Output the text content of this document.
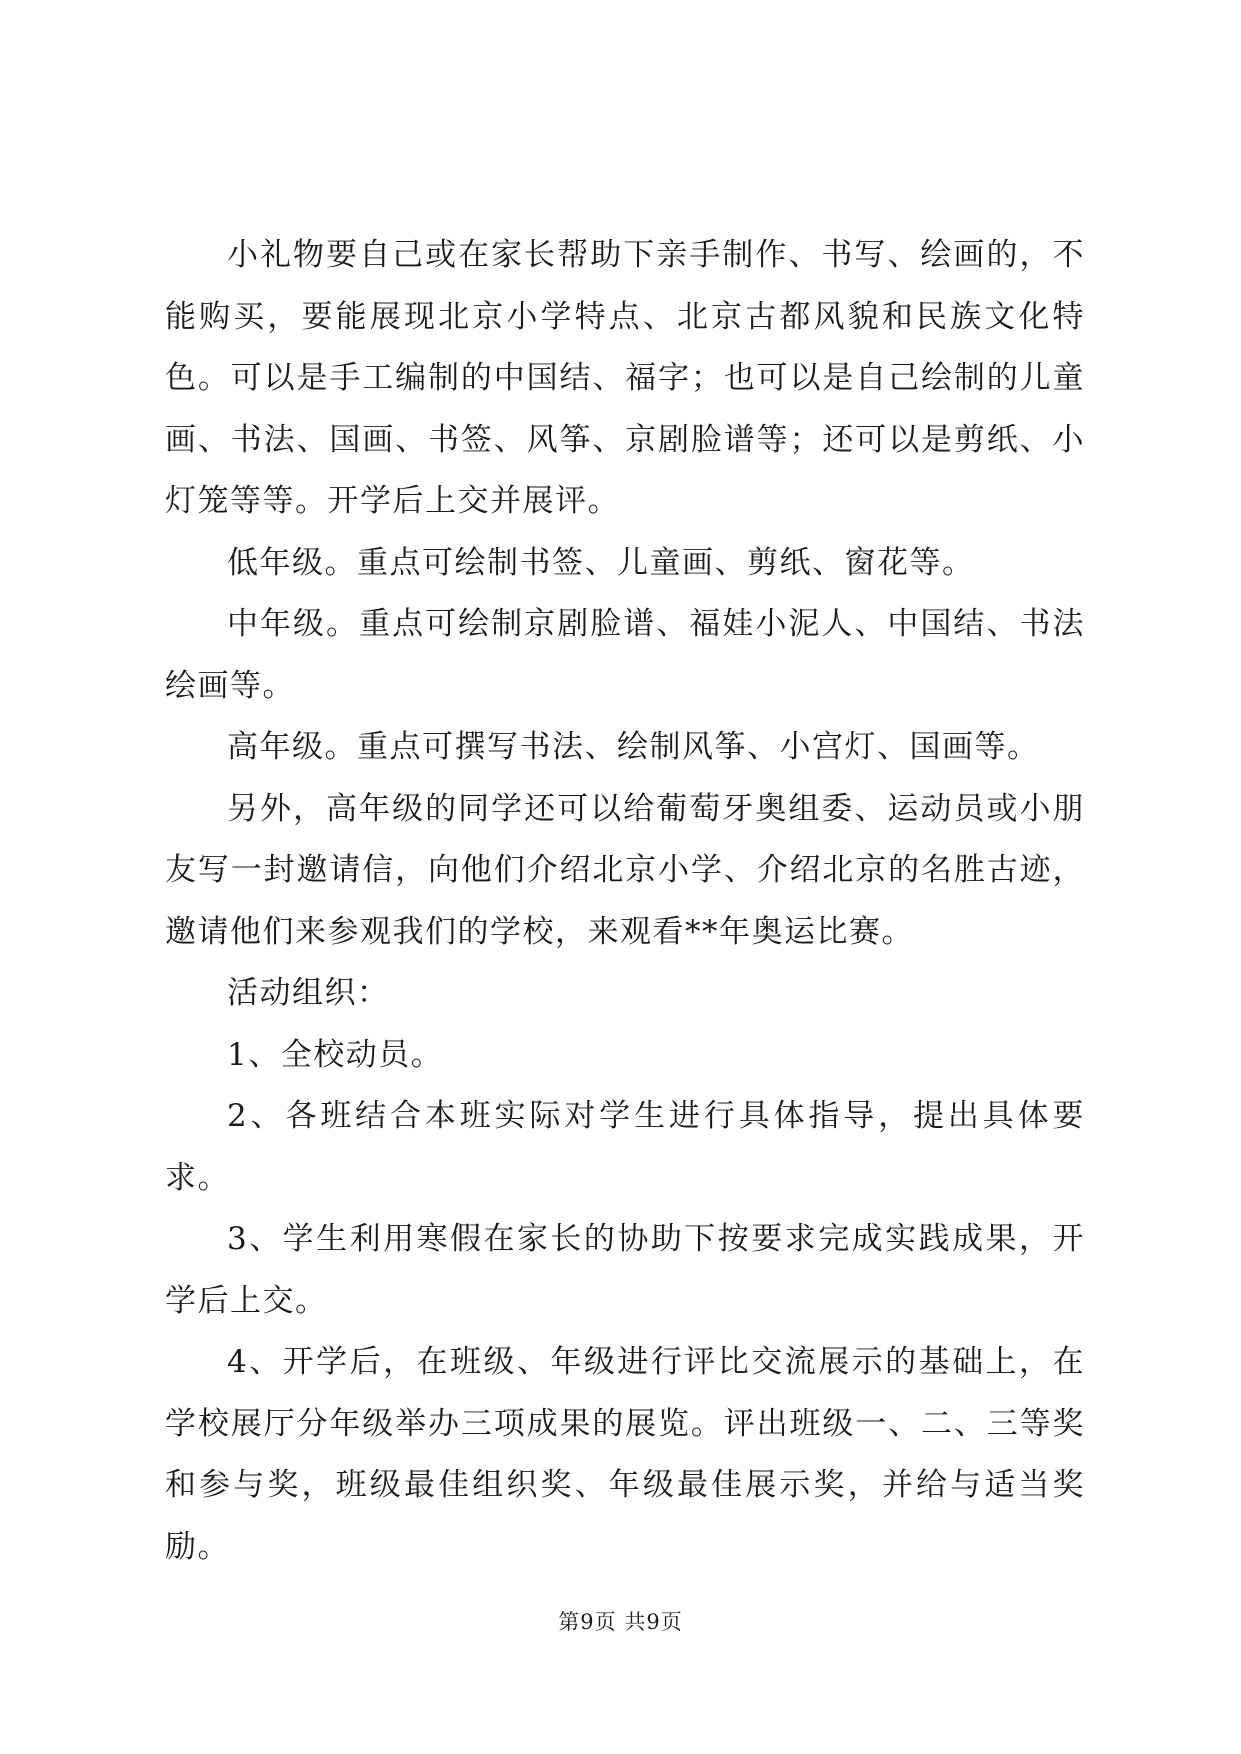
小礼物要自己或在家长帮助下亲手制作、书写、绘画的，不能购买，要能展现北京小学特点、北京古都风貌和民族文化特色。可以是手工编制的中国结、福字；也可以是自己绘制的儿童画、书法、国画、书签、风筝、京剧脸谱等；还可以是剪纸、小灯笼等等。开学后上交并展评。

低年级。重点可绘制书签、儿童画、剪纸、窗花等。

中年级。重点可绘制京剧脸谱、福娃小泥人、中国结、书法绘画等。

高年级。重点可撰写书法、绘制风筝、小宫灯、国画等。

另外，高年级的同学还可以给葡萄牙奥组委、运动员或小朋友写一封邀请信，向他们介绍北京小学、介绍北京的名胜古迹，邀请他们来参观我们的学校，来观看**年奥运比赛。

活动组织：

1、全校动员。

2、各班结合本班实际对学生进行具体指导，提出具体要求。

3、学生利用寒假在家长的协助下按要求完成实践成果，开学后上交。

4、开学后，在班级、年级进行评比交流展示的基础上，在学校展厅分年级举办三项成果的展览。评出班级一、二、三等奖和参与奖，班级最佳组织奖、年级最佳展示奖，并给与适当奖励。

第9页 共9页
